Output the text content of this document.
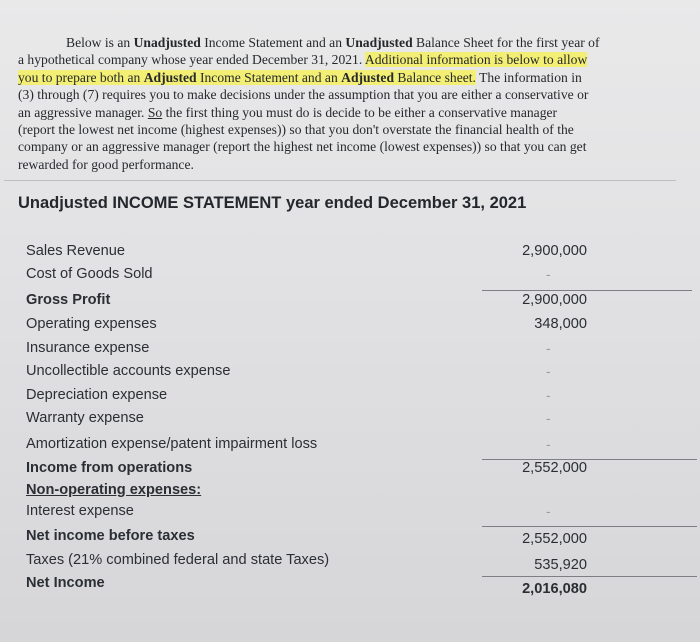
Below is an Unadjusted Income Statement and an Unadjusted Balance Sheet for the first year of

a hypothetical company whose year ended December 31, 2021. Additional information is below to allow

you to prepare both an Adjusted Income Statement and an Adjusted Balance sheet. The information in

(3) through (7) requires you to make decisions under the assumption that you are either a conservative or

an aggressive manager. So the first thing you must do is decide to be either a conservative manager

(report the lowest net income (highest expenses)) so that you don't overstate the financial health of the

company or an aggressive manager (report the highest net income (lowest expenses)) so that you can get

rewarded for good performance.

Unadjusted INCOME STATEMENT year ended December 31, 2021
Sales Revenue	2,900,000
Cost of Goods Sold	-
Gross Profit	2,900,000
Operating expenses	348,000
Insurance expense	-
Uncollectible accounts expense	-
Depreciation expense	-
Warranty expense	-
Amortization expense/patent impairment loss	-
Income from operations	2,552,000
Non-operating expenses:
Interest expense	-
Net income before taxes	2,552,000
Taxes (21% combined federal and state Taxes)	535,920
Net Income	2,016,080
